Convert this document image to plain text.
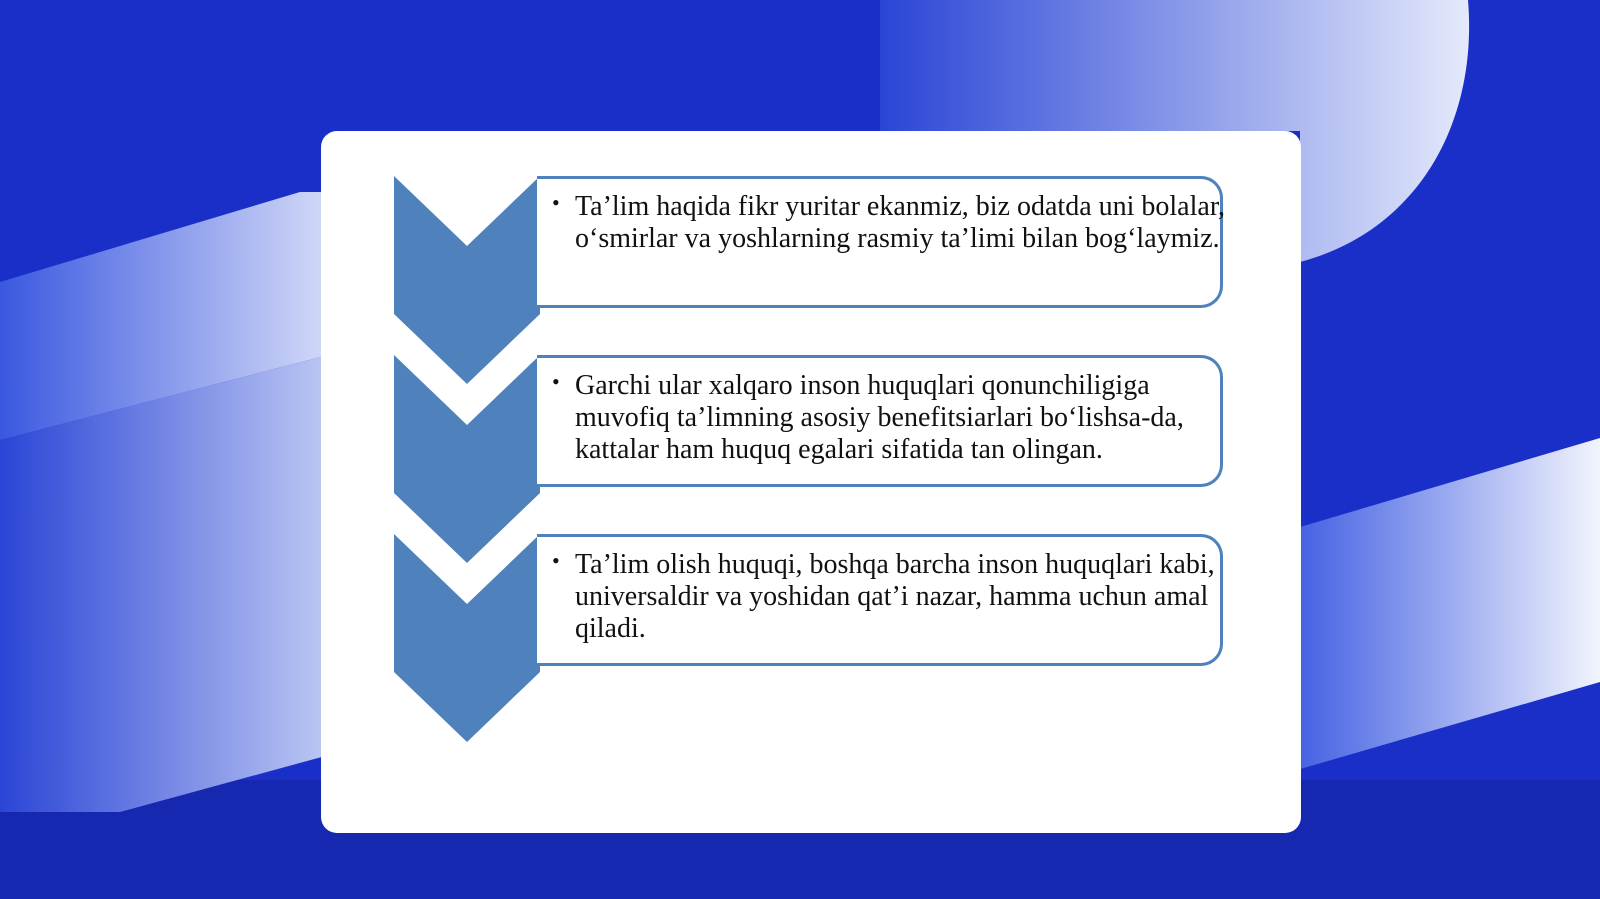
• Ta’lim haqida fikr yuritar ekanmiz, biz odatda uni bolalar, o‘smirlar va yoshlarning rasmiy ta’limi bilan bog‘laymiz.
• Garchi ular xalqaro inson huquqlari qonunchiligiga muvofiq ta’limning asosiy benefitsiarlari bo‘lishsa-da, kattalar ham huquq egalari sifatida tan olingan.
• Ta’lim olish huquqi, boshqa barcha inson huquqlari kabi, universaldir va yoshidan qat’i nazar, hamma uchun amal qiladi.
